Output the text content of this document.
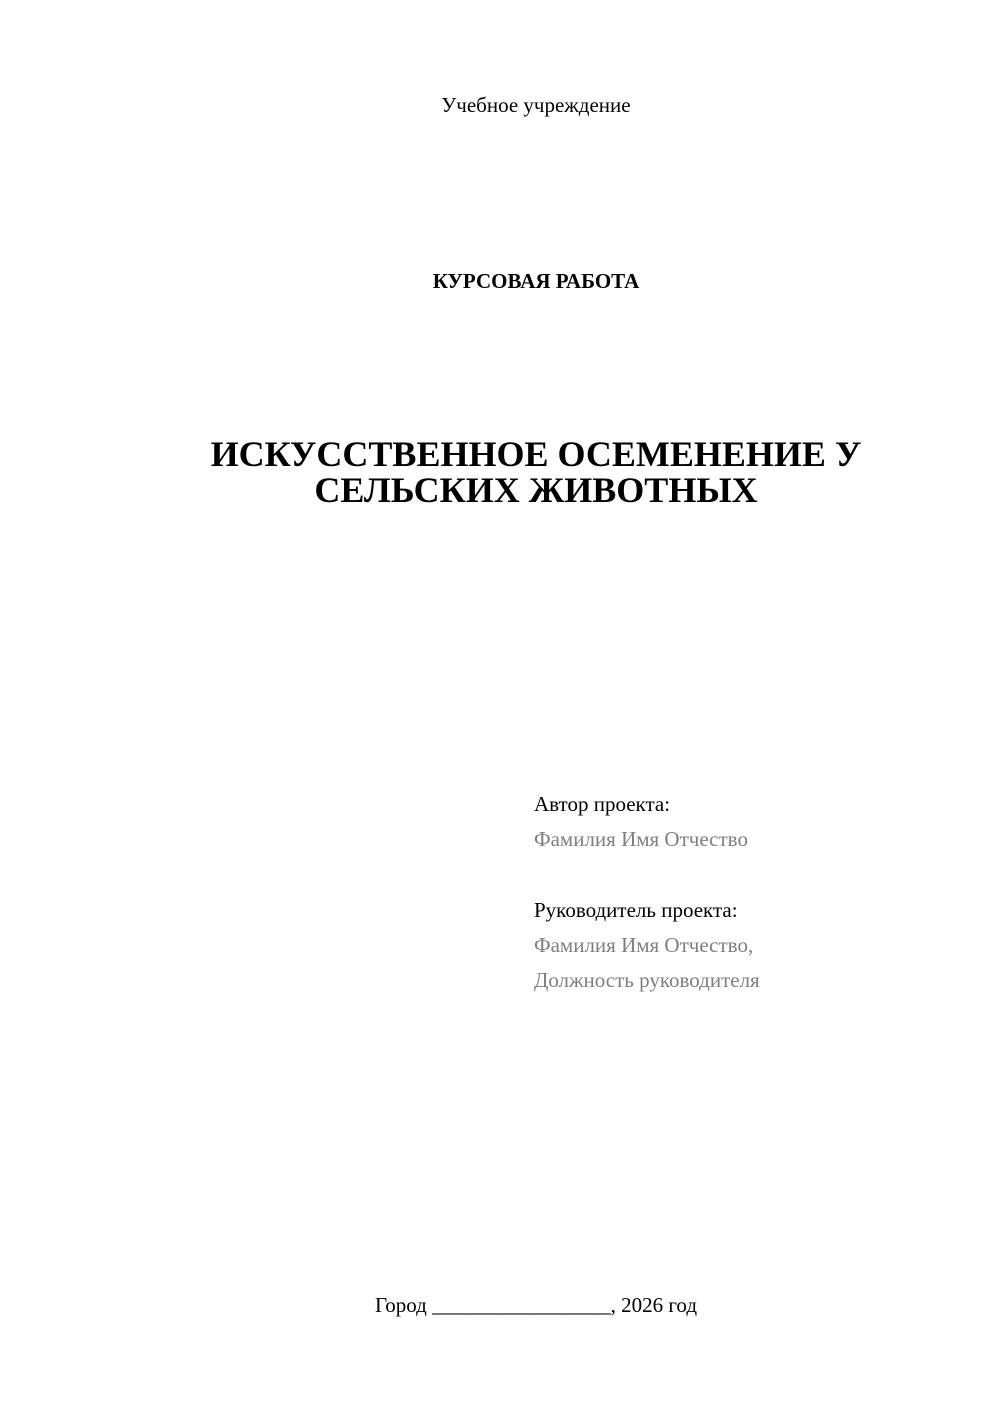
Учебное учреждение
КУРСОВАЯ РАБОТА
ИСКУССТВЕННОЕ ОСЕМЕНЕНИЕ У
СЕЛЬСКИХ ЖИВОТНЫХ
Автор проекта:
Фамилия Имя Отчество
Руководитель проекта:
Фамилия Имя Отчество,
Должность руководителя
Город _________________, 2026 год
